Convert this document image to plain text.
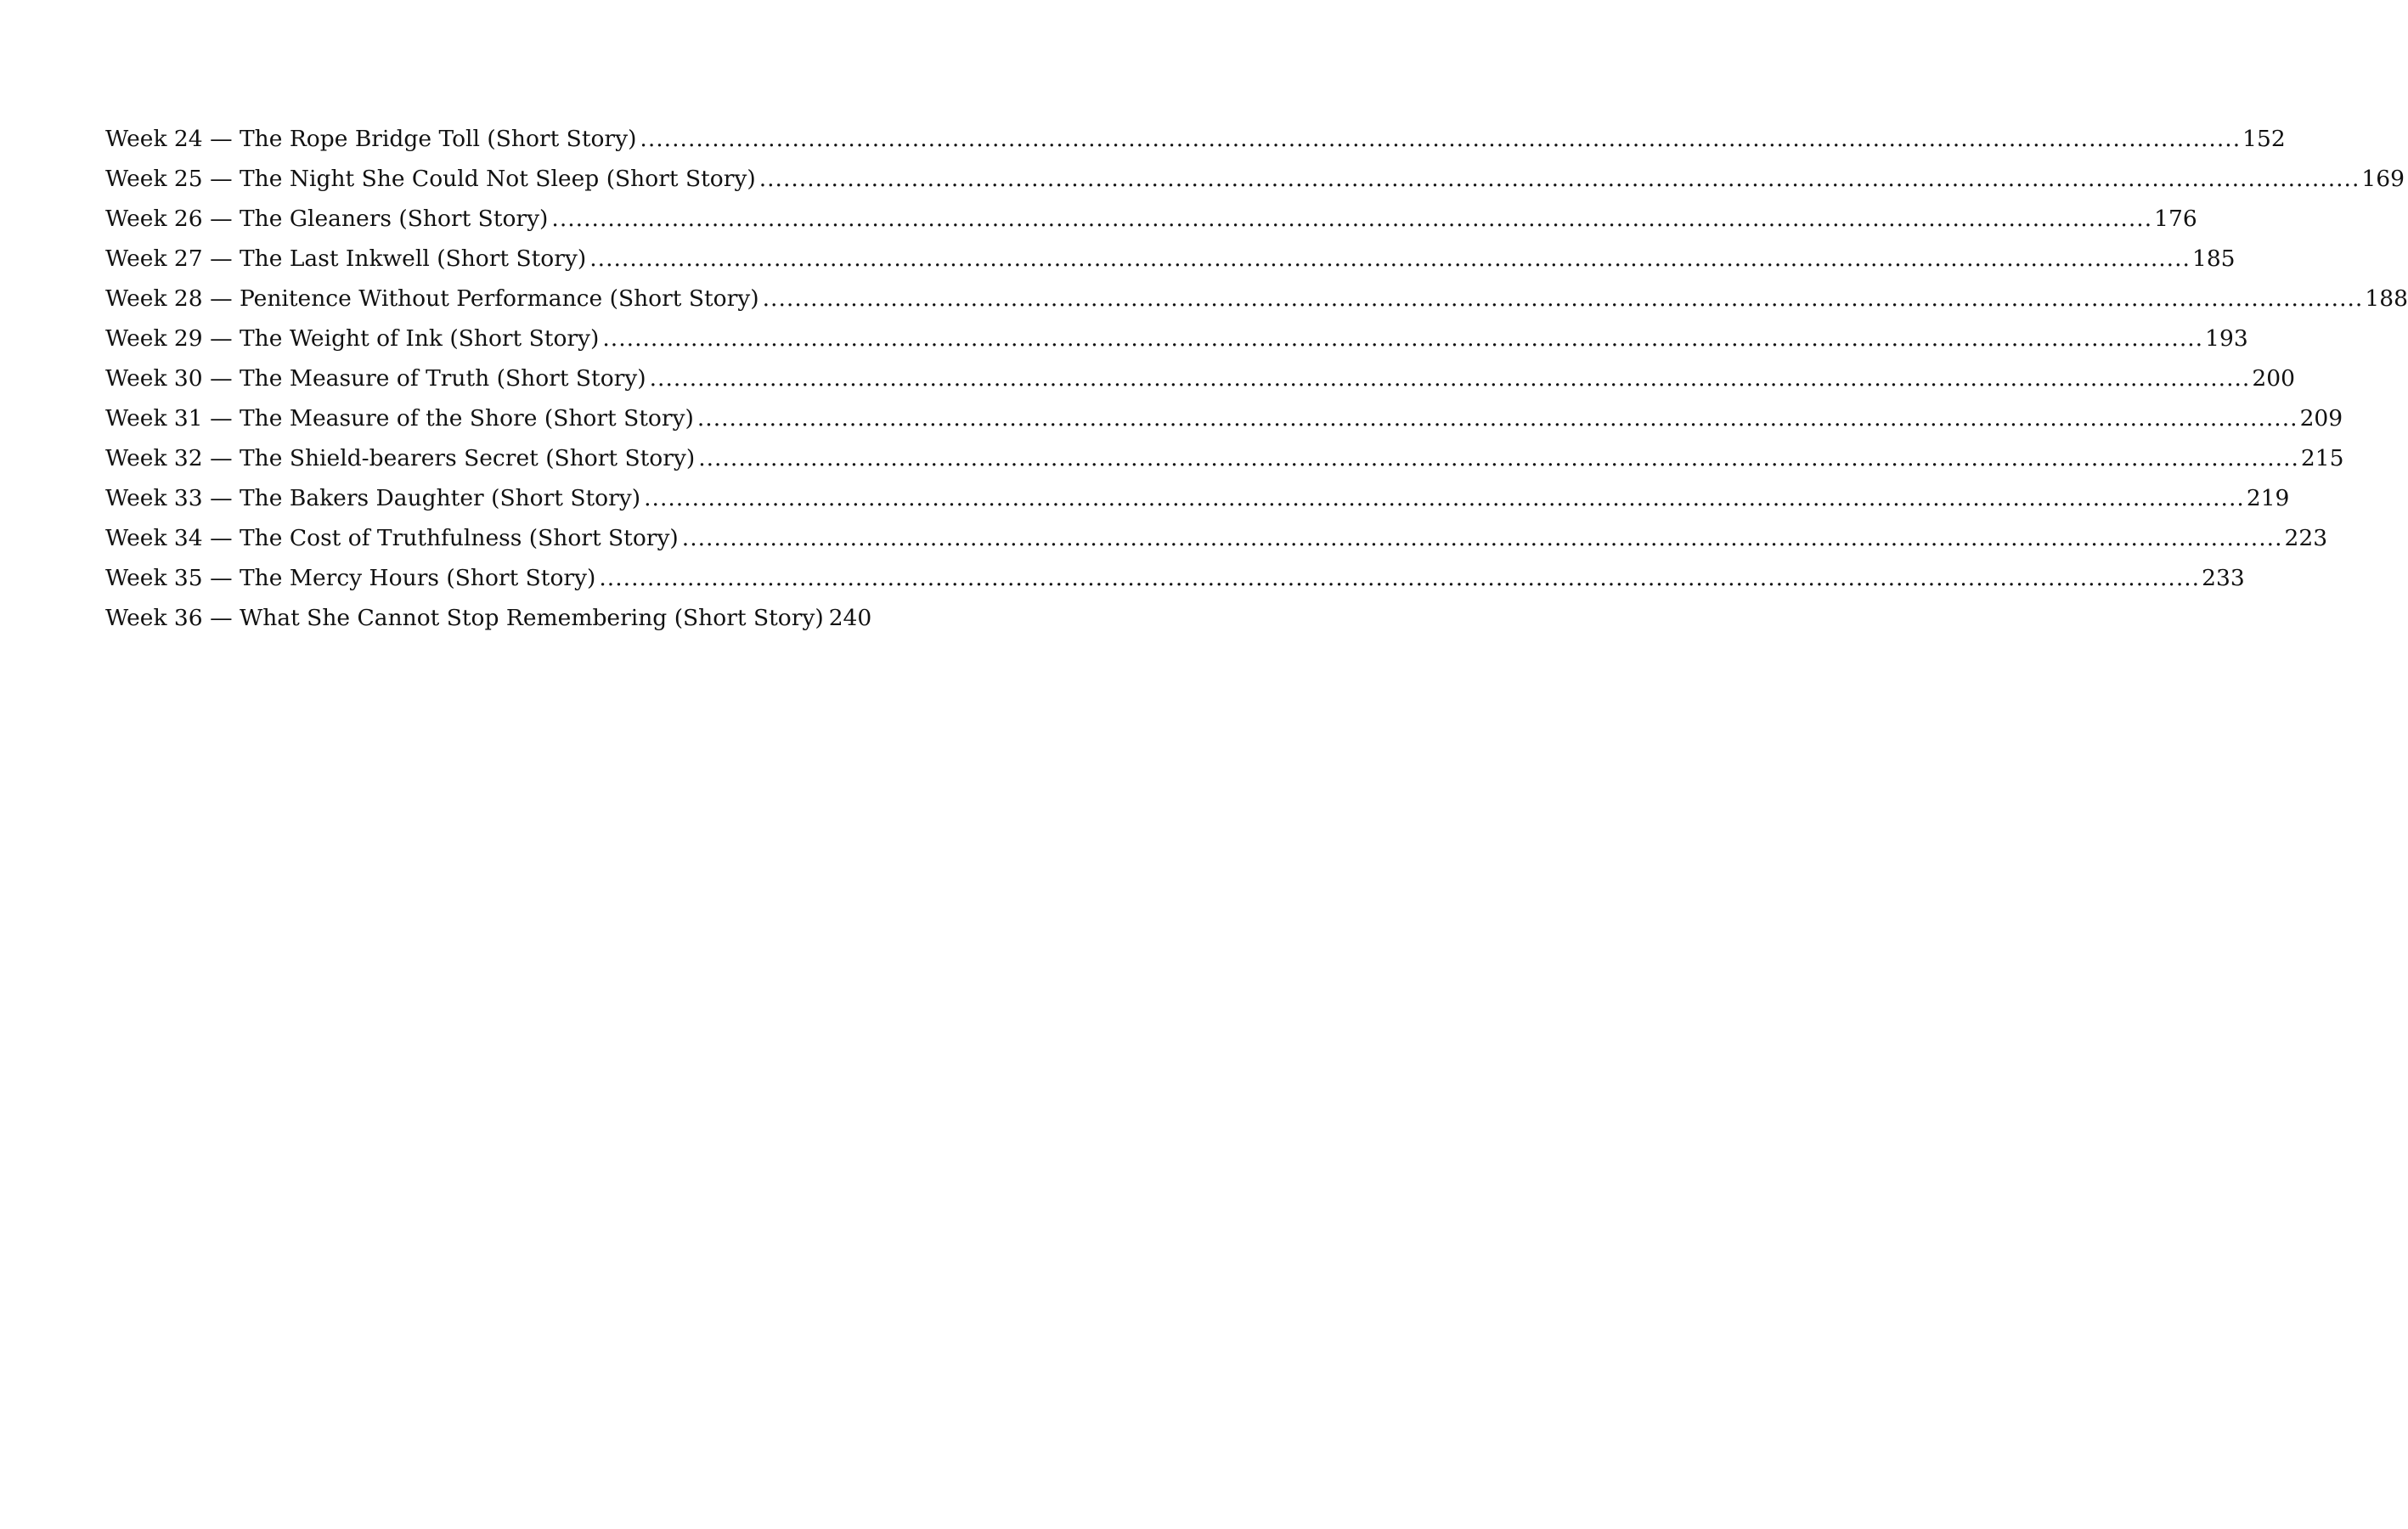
Week 24 — The Rope Bridge Toll (Short Story) .....	152
Week 25 — The Night She Could Not Sleep (Short Story) .....	169
Week 26 — The Gleaners (Short Story) .....	176
Week 27 — The Last Inkwell (Short Story) .....	185
Week 28 — Penitence Without Performance (Short Story) .....	188
Week 29 — The Weight of Ink (Short Story) .....	193
Week 30 — The Measure of Truth (Short Story) .....	200
Week 31 — The Measure of the Shore (Short Story) .....	209
Week 32 — The Shield-bearers Secret (Short Story) .....	215
Week 33 — The Bakers Daughter (Short Story) .....	219
Week 34 — The Cost of Truthfulness (Short Story) .....	223
Week 35 — The Mercy Hours (Short Story) .....	233
Week 36 — What She Cannot Stop Remembering (Short Story) 240
